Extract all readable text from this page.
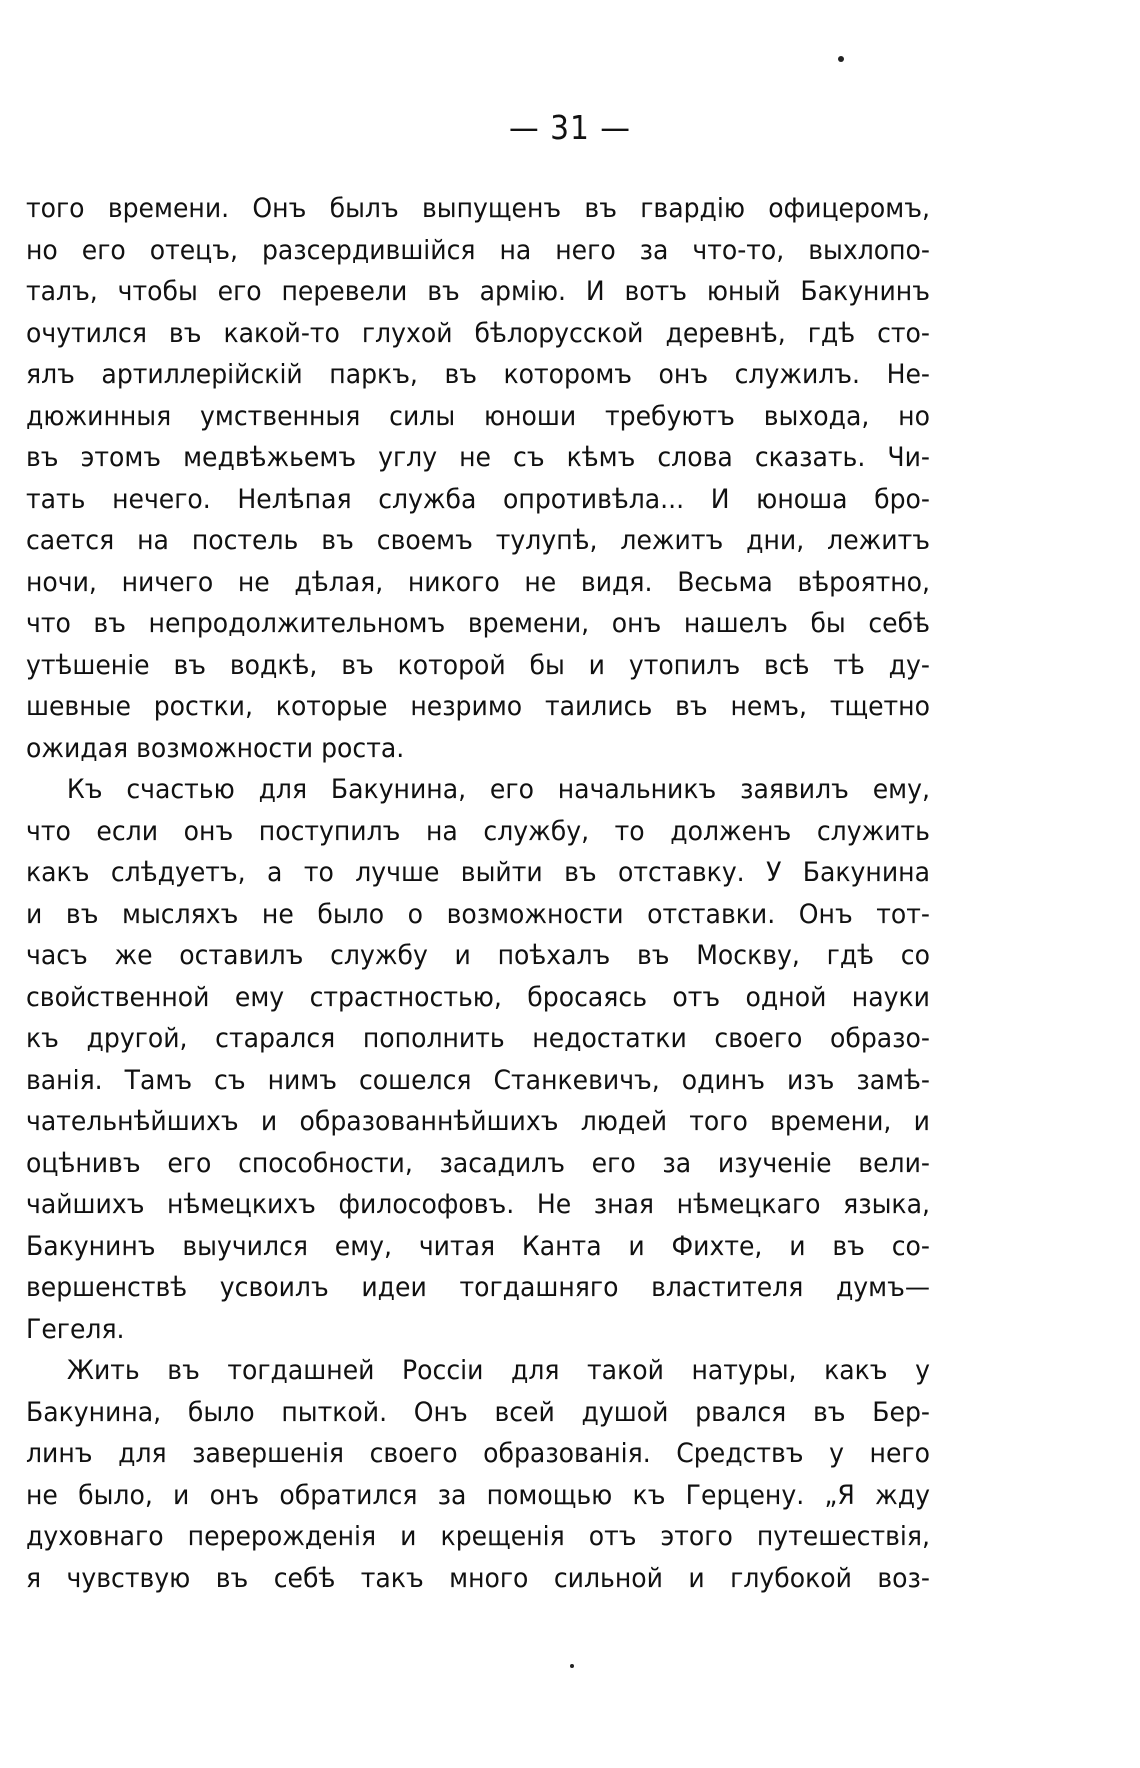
— 31 —
того времени. Онъ былъ выпущенъ въ гвардію офицеромъ,
но его отецъ, разсердившійся на него за что-то, выхлопо-
талъ, чтобы его перевели въ армію. И вотъ юный Бакунинъ
очутился въ какой-то глухой бѣлорусской деревнѣ, гдѣ сто-
ялъ артиллерійскій паркъ, въ которомъ онъ служилъ. Не-
дюжинныя умственныя силы юноши требуютъ выхода, но
въ этомъ медвѣжьемъ углу не съ кѣмъ слова сказать. Чи-
тать нечего. Нелѣпая служба опротивѣла... И юноша бро-
сается на постель въ своемъ тулупѣ, лежитъ дни, лежитъ
ночи, ничего не дѣлая, никого не видя. Весьма вѣроятно,
что въ непродолжительномъ времени, онъ нашелъ бы себѣ
утѣшеніе въ водкѣ, въ которой бы и утопилъ всѣ тѣ ду-
шевные ростки, которые незримо таились въ немъ, тщетно
ожидая возможности роста.
Къ счастью для Бакунина, его начальникъ заявилъ ему,
что если онъ поступилъ на службу, то долженъ служить
какъ слѣдуетъ, а то лучше выйти въ отставку. У Бакунина
и въ мысляхъ не было о возможности отставки. Онъ тот-
часъ же оставилъ службу и поѣхалъ въ Москву, гдѣ со
свойственной ему страстностью, бросаясь отъ одной науки
къ другой, старался пополнить недостатки своего образо-
ванія. Тамъ съ нимъ сошелся Станкевичъ, одинъ изъ замѣ-
чательнѣйшихъ и образованнѣйшихъ людей того времени, и
оцѣнивъ его способности, засадилъ его за изученіе вели-
чайшихъ нѣмецкихъ философовъ. Не зная нѣмецкаго языка,
Бакунинъ выучился ему, читая Канта и Фихте, и въ со-
вершенствѣ усвоилъ идеи тогдашняго властителя думъ—
Гегеля.
Жить въ тогдашней Россіи для такой натуры, какъ у
Бакунина, было пыткой. Онъ всей душой рвался въ Бер-
линъ для завершенія своего образованія. Средствъ у него
не было, и онъ обратился за помощью къ Герцену. „Я жду
духовнаго перерожденія и крещенія отъ этого путешествія,
я чувствую въ себѣ такъ много сильной и глубокой воз-
